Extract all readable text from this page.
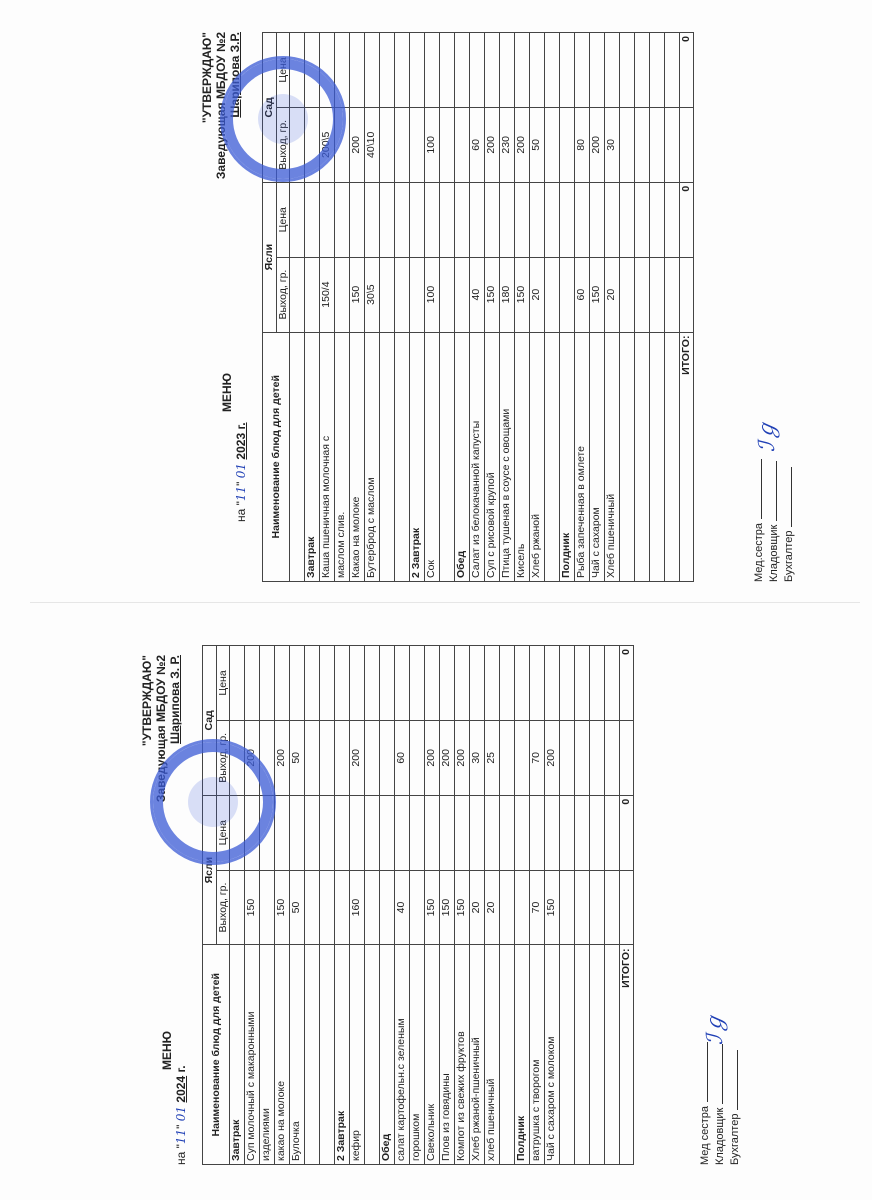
"УТВЕРЖДАЮ" Заведующая МБДОУ №2 Шарипова З. Р.
МЕНЮ
на "11" 01 2024 г. Наименование блюд для детей	Ясли		Сад	
	Выход, гр.	Цена	Выход, гр.	Цена
Завтрак				
Суп молочный с макаронными	150		200	
изделиями				
какао на молоке	150		200	
Булочка	50		50	

2 Завтрак				
кефир	160		200	

Обед				
салат картофельн.с зеленым	40		60	
горошком				
Свекольник	150		200	
Плов из говядины	150		200	
Компот из свежих фруктов	150		200	
Хлеб ржаной-пшеничный	20		30	
хлеб пшеничный	20		25	

Полдник				
ватрушка с творогом	70		70	
Чай с сахаром с молоком	150		200	

ИТОГО:		0		0
Мед сестра Кладовщик Бухгалтер
ℐℊ
"УТВЕРЖДАЮ" Заведующая МБДОУ №2 Шарипова З.Р.
МЕНЮ
на "11" 01 2023 г. Наименование блюд для детей	Ясли		Сад	
	Выход, гр.	Цена	Выход, гр.	Цена

Завтрак				
Каша пшеничная молочная с	150/4		200\5	
маслом слив.				
Какао на молоке	150		200	
Бутерброд с маслом	30\5		40\10	

2 Завтрак				
Сок	100		100	

Обед				
Салат из белокачанной капусты	40		60	
Суп с рисовой крупой	150		200	
Птица тушеная в соусе с овощами	180		230	
Кисель	150		200	
Хлеб ржаной	20		50	

Полдник				
Рыба запеченная в омлете	60		80	
Чай с сахаром	150		200	
Хлеб пшеничный	20		30	

ИТОГО:		0		0
Мед.сестра Кладовщик Бухгалтер
ℐℊ
